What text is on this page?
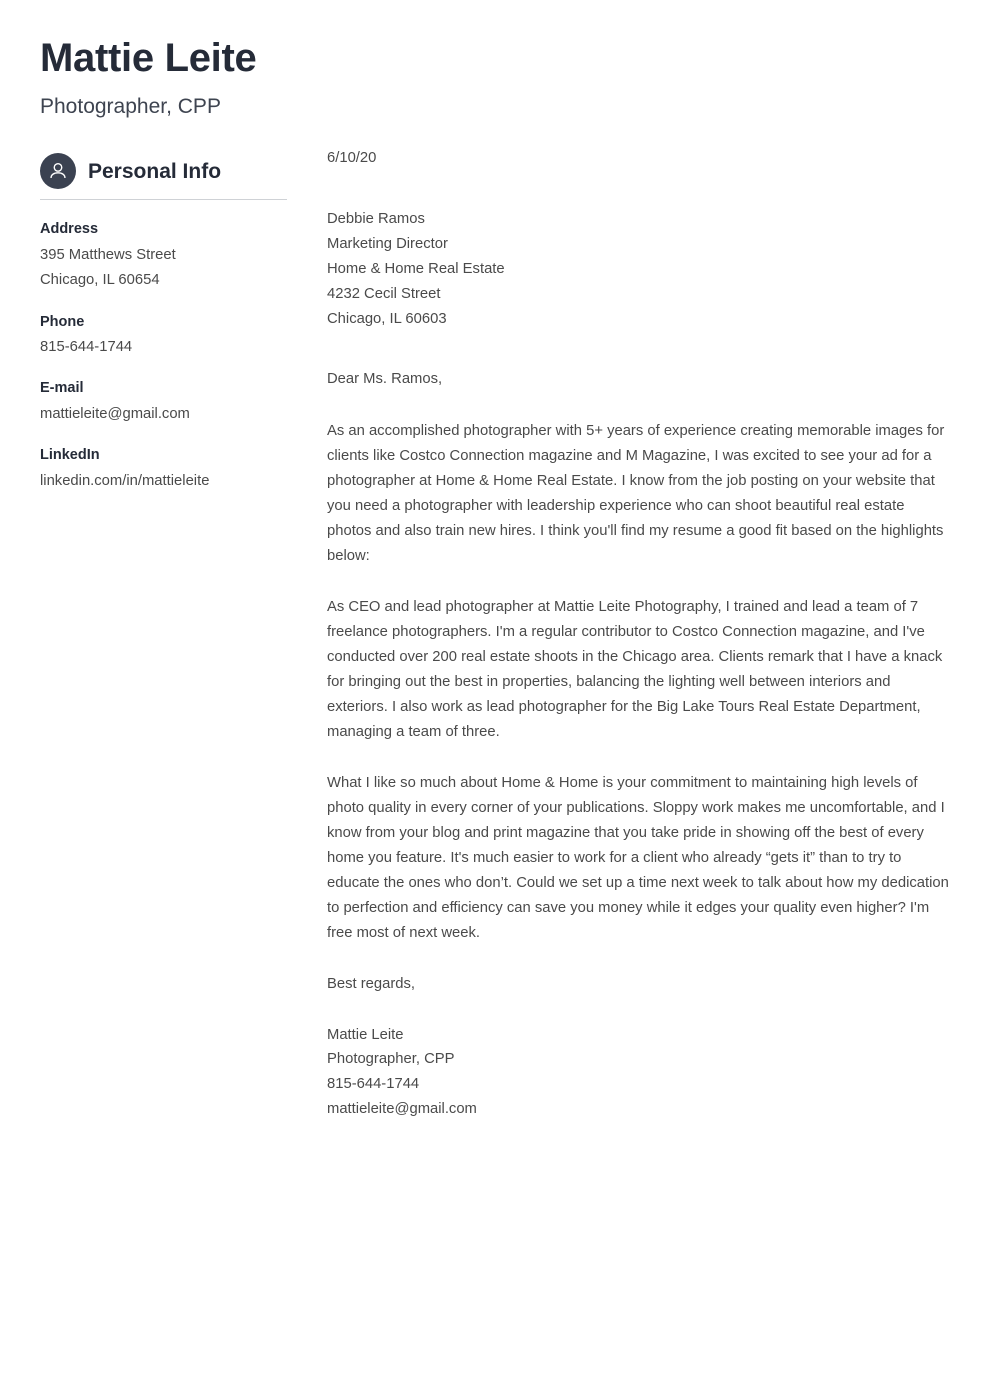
Mattie Leite
Photographer, CPP
Personal Info
Address
395 Matthews Street
Chicago, IL 60654
Phone
815-644-1744
E-mail
mattieleite@gmail.com
LinkedIn
linkedin.com/in/mattieleite
6/10/20
Debbie Ramos
Marketing Director
Home & Home Real Estate
4232 Cecil Street
Chicago, IL 60603
Dear Ms. Ramos,

As an accomplished photographer with 5+ years of experience creating memorable images for clients like Costco Connection magazine and M Magazine, I was excited to see your ad for a photographer at Home & Home Real Estate. I know from the job posting on your website that you need a photographer with leadership experience who can shoot beautiful real estate photos and also train new hires. I think you'll find my resume a good fit based on the highlights below:

As CEO and lead photographer at Mattie Leite Photography, I trained and lead a team of 7 freelance photographers. I'm a regular contributor to Costco Connection magazine, and I've conducted over 200 real estate shoots in the Chicago area. Clients remark that I have a knack for bringing out the best in properties, balancing the lighting well between interiors and exteriors. I also work as lead photographer for the Big Lake Tours Real Estate Department, managing a team of three.

What I like so much about Home & Home is your commitment to maintaining high levels of photo quality in every corner of your publications. Sloppy work makes me uncomfortable, and I know from your blog and print magazine that you take pride in showing off the best of every home you feature. It's much easier to work for a client who already “gets it” than to try to educate the ones who don’t. Could we set up a time next week to talk about how my dedication to perfection and efficiency can save you money while it edges your quality even higher? I'm free most of next week.

Best regards,
Mattie Leite
Photographer, CPP
815-644-1744
mattieleite@gmail.com
